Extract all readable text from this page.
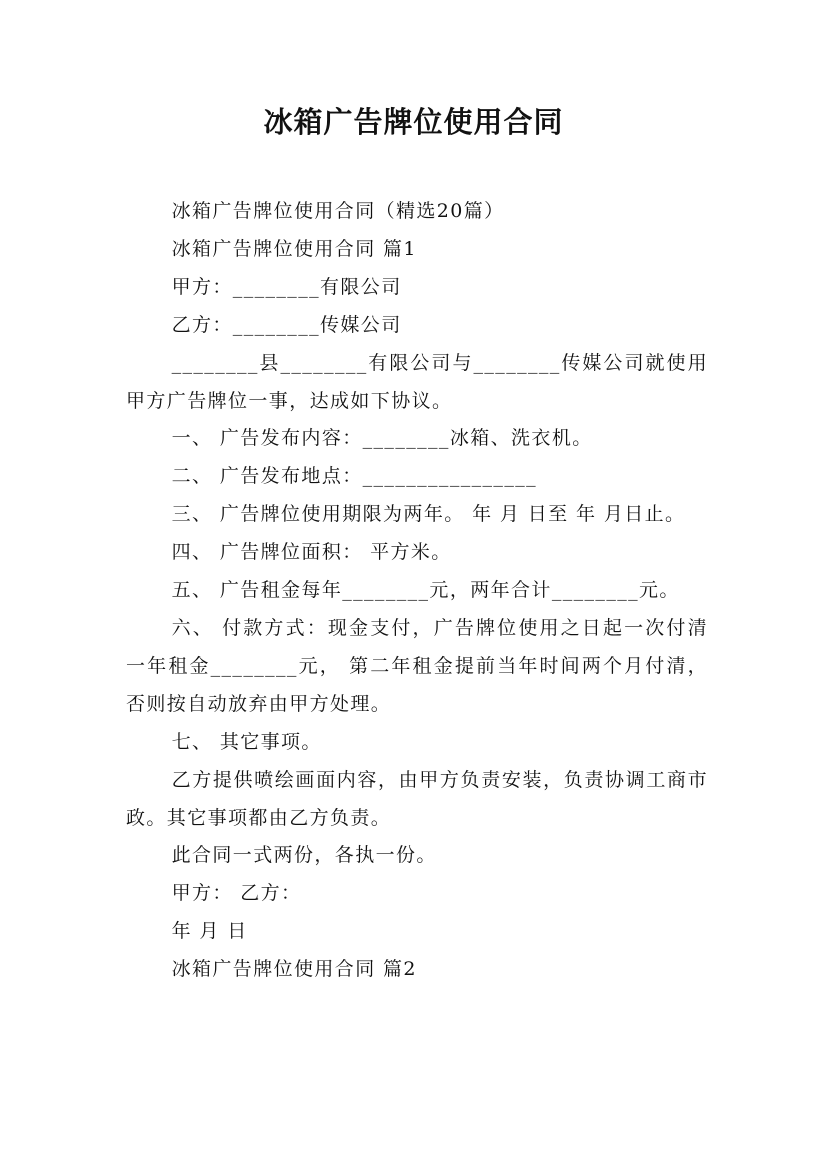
冰箱广告牌位使用合同

冰箱广告牌位使用合同（精选20篇）

冰箱广告牌位使用合同 篇1

甲方：________有限公司

乙方：________传媒公司

________县________有限公司与________传媒公司就使用甲方广告牌位一事，达成如下协议。

一、 广告发布内容：________冰箱、洗衣机。

二、 广告发布地点：________________

三、 广告牌位使用期限为两年。 年 月 日至 年 月日止。

四、 广告牌位面积： 平方米。

五、 广告租金每年________元，两年合计________元。

六、 付款方式：现金支付，广告牌位使用之日起一次付清一年租金________元， 第二年租金提前当年时间两个月付清，否则按自动放弃由甲方处理。

七、 其它事项。

乙方提供喷绘画面内容，由甲方负责安装，负责协调工商市政。其它事项都由乙方负责。

此合同一式两份，各执一份。

甲方： 乙方：

年 月 日

冰箱广告牌位使用合同 篇2
